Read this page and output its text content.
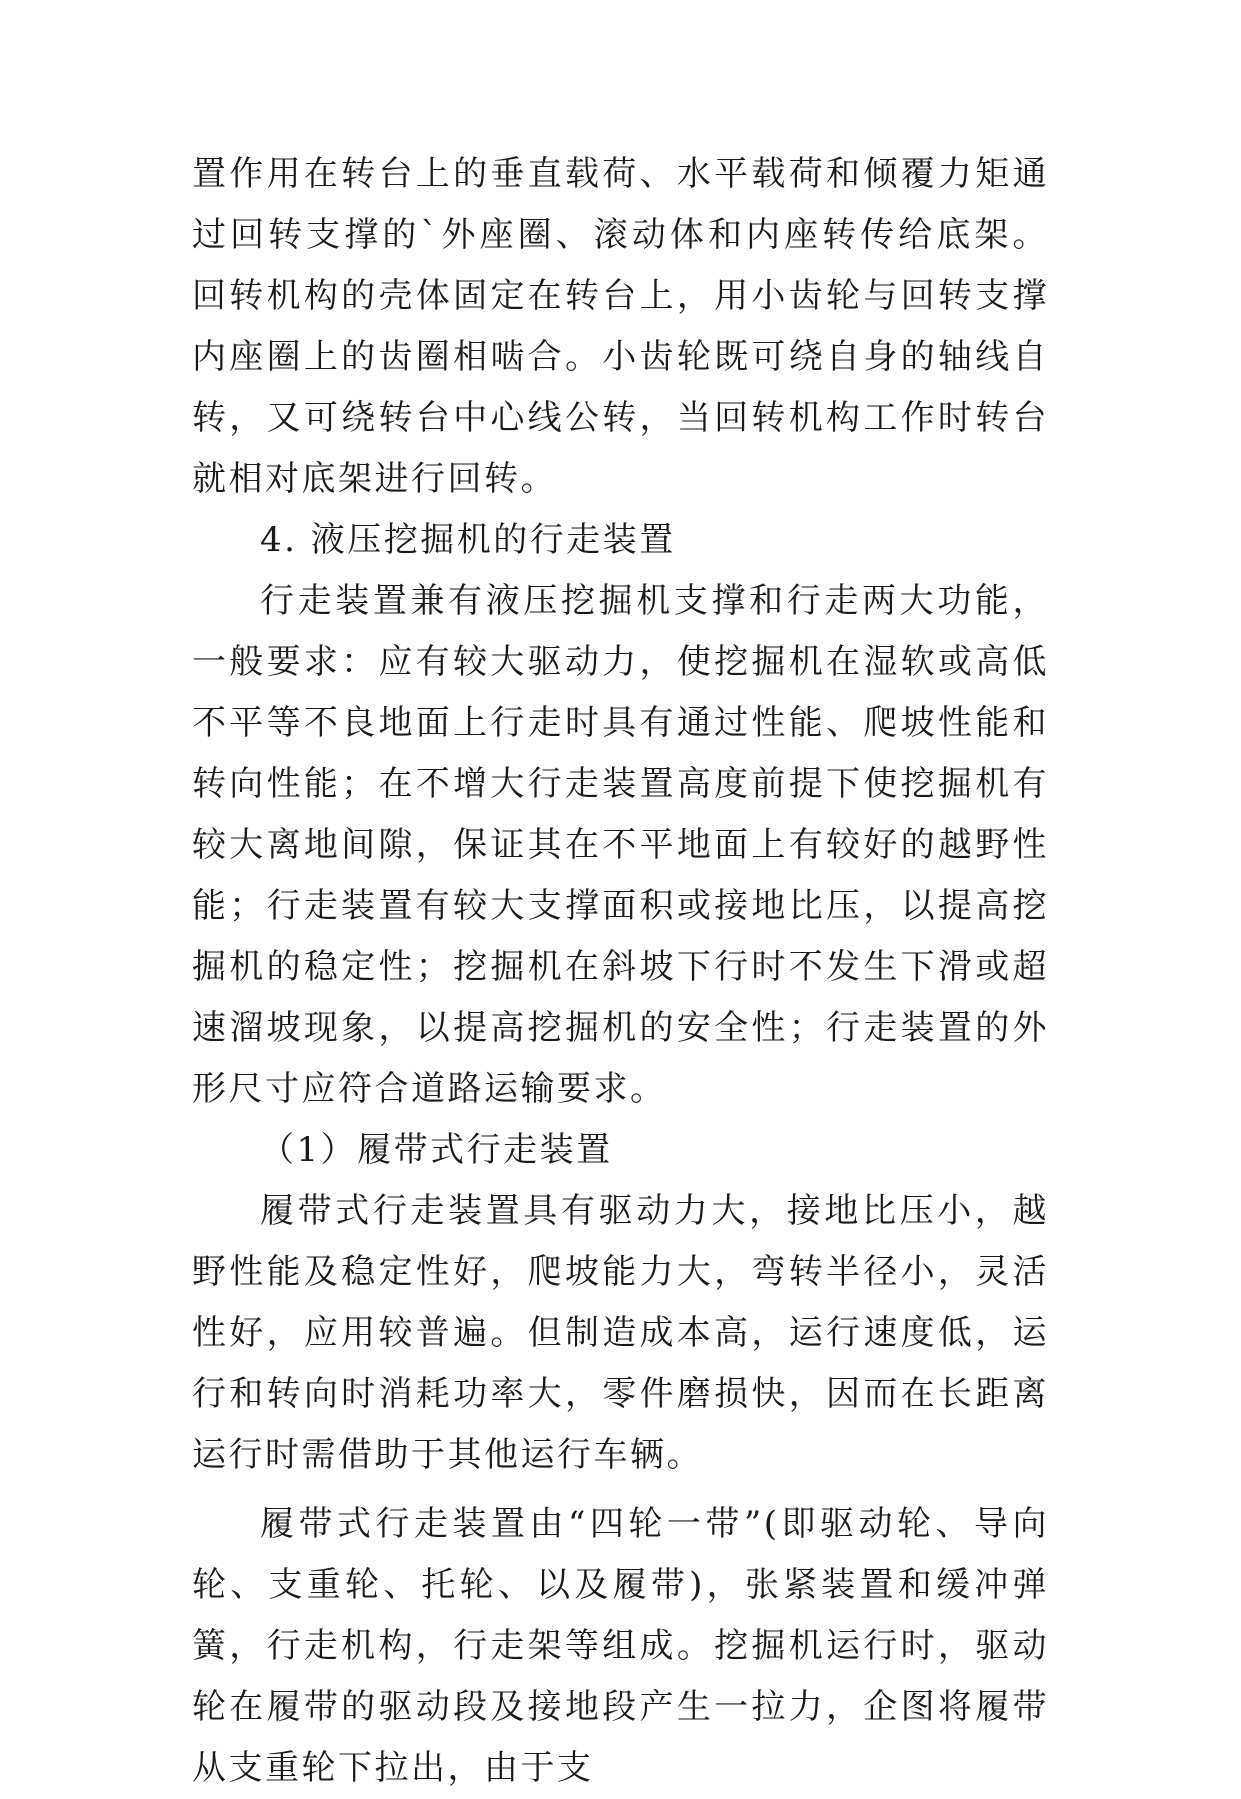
置作用在转台上的垂直载荷、水平载荷和倾覆力矩通过回转支撑的`外座圈、滚动体和内座转传给底架。回转机构的壳体固定在转台上，用小齿轮与回转支撑内座圈上的齿圈相啮合。小齿轮既可绕自身的轴线自转，又可绕转台中心线公转，当回转机构工作时转台就相对底架进行回转。

4. 液压挖掘机的行走装置

行走装置兼有液压挖掘机支撑和行走两大功能，一般要求：应有较大驱动力，使挖掘机在湿软或高低不平等不良地面上行走时具有通过性能、爬坡性能和转向性能；在不增大行走装置高度前提下使挖掘机有较大离地间隙，保证其在不平地面上有较好的越野性能；行走装置有较大支撑面积或接地比压，以提高挖掘机的稳定性；挖掘机在斜坡下行时不发生下滑或超速溜坡现象，以提高挖掘机的安全性；行走装置的外形尺寸应符合道路运输要求。

（1）履带式行走装置

履带式行走装置具有驱动力大，接地比压小，越野性能及稳定性好，爬坡能力大，弯转半径小，灵活性好，应用较普遍。但制造成本高，运行速度低，运行和转向时消耗功率大，零件磨损快，因而在长距离运行时需借助于其他运行车辆。

履带式行走装置由“四轮一带”(即驱动轮、导向轮、支重轮、托轮、以及履带)，张紧装置和缓冲弹簧，行走机构，行走架等组成。挖掘机运行时，驱动轮在履带的驱动段及接地段产生一拉力，企图将履带从支重轮下拉出，由于支
